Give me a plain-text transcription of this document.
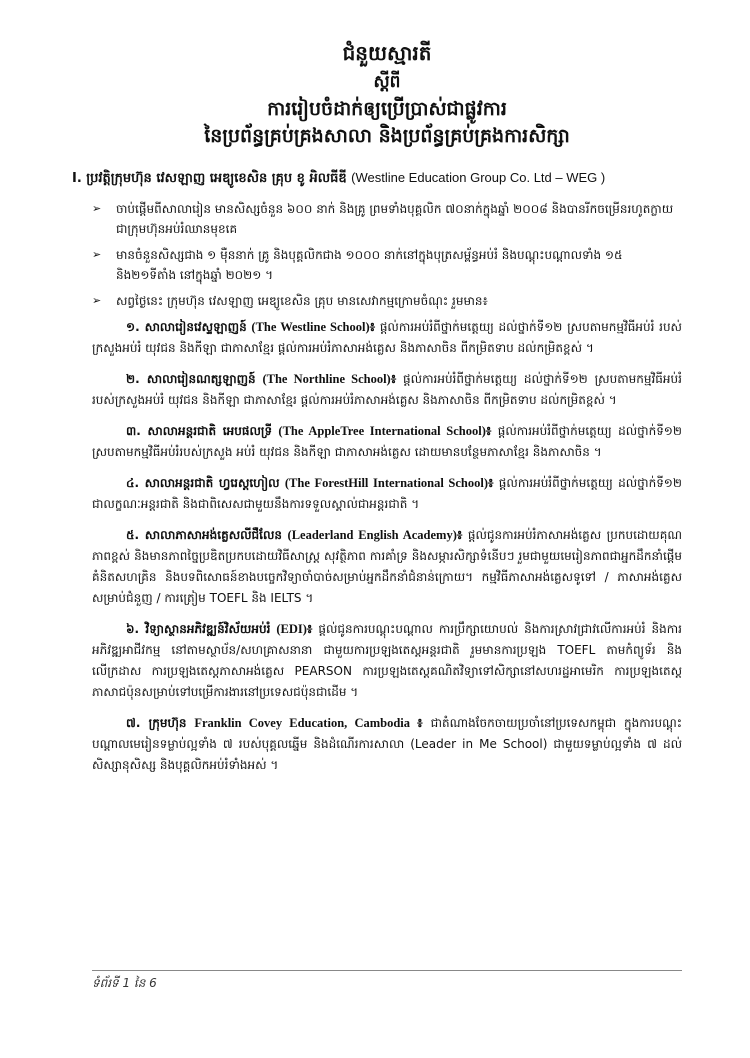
ជំនួយស្មារតី
ស្តីពី
ការរៀបចំដាក់ឲ្យប្រើប្រាស់ជាផ្លូវការ
នៃប្រព័ន្ធគ្រប់គ្រងសាលា និងប្រព័ន្ធគ្រប់គ្រងការសិក្សា
I. ប្រវត្តិក្រុមហ៊ុន វេសឡាញ អេឌ្យូខេសិន គ្រុប ខូ អិលធីឌី (Westline Education Group Co. Ltd – WEG )
➢ ចាប់ផ្តើមពីសាលារៀន មានសិស្សចំនួន ៦០០ នាក់ និងគ្រូ ព្រមទាំងបុគ្គលិក ៧០នាក់ក្នុងឆ្នាំ ២០០៨ និងបានរីកចម្រើនរហូតក្លាយជាក្រុមហ៊ុនអប់រំឈានមុខគេ
➢ មានចំនួនសិស្សជាង ១ ម៉ឺននាក់ គ្រូ និងបុគ្គលិកជាង ១០០០ នាក់នៅក្នុងបុត្រសម្ព័ន្ធអប់រំ និងបណ្តុះបណ្តាលទាំង ១៥ និង២១ទីតាំង នៅក្នុងឆ្នាំ ២០២១ ។
➢ សព្វថ្ងៃនេះ ក្រុមហ៊ុន វេសឡាញ អេឌ្យូខេសិន គ្រុប មានសេវាកម្មក្រោមចំណុះ រួមមាន៖

១. សាលារៀនវេស្ទឡាញន៍ (The Westline School)៖ ផ្តល់ការអប់រំពីថ្នាក់មត្តេយ្យ ដល់ថ្នាក់ទី១២ ស្របតាមកម្មវិធីអប់រំ របស់ក្រសួងអប់រំ យុវជន និងកីឡា ជាភាសាខ្មែរ ផ្តល់ការអប់រំភាសាអង់គ្លេស និងភាសាចិន ពីកម្រិតទាប ដល់កម្រិតខ្ពស់ ។

២. សាលារៀនណត្សឡាញន៍ (The Northline School)៖ ផ្តល់ការអប់រំពីថ្នាក់មត្តេយ្យ ដល់ថ្នាក់ទី១២ ស្របតាមកម្មវិធីអប់រំ របស់ក្រសួងអប់រំ យុវជន និងកីឡា ជាភាសាខ្មែរ ផ្តល់ការអប់រំភាសាអង់គ្លេស និងភាសាចិន ពីកម្រិតទាប ដល់កម្រិតខ្ពស់ ។

៣. សាលាអន្តរជាតិ អេបផលទ្រី (The AppleTree International School)៖ ផ្តល់ការអប់រំពីថ្នាក់មត្តេយ្យ ដល់ថ្នាក់ទី១២ ស្របតាមកម្មវិធីអប់រំរបស់ក្រសួង អប់រំ យុវជន និងកីឡា ជាភាសាអង់គ្លេស ដោយមានបន្ថែមភាសាខ្មែរ និងភាសាចិន ។

៤. សាលាអន្តរជាតិ ហ្វរេស្តហៀល (The ForestHill International School)៖ ផ្តល់ការអប់រំពីថ្នាក់មត្តេយ្យ ដល់ថ្នាក់ទី១២ ជាលក្ខណៈអន្តរជាតិ និងជាពិសេសជាមួយនឹងការទទួលស្គាល់ជាអន្តរជាតិ ។

៥. សាលាភាសាអង់គ្លេសលីជឺលែន (Leaderland English Academy)៖ ផ្តល់ជូនការអប់រំភាសាអង់គ្លេស ប្រកបដោយគុណភាពខ្ពស់ និងមានភាពច្នៃប្រឌិតប្រកបដោយវិធីសាស្ត្រ សុវត្ថិភាព ការគាំទ្រ និងសម្ភារសិក្សាទំនើបៗ រួមជាមួយមេរៀនភាពជាអ្នកដឹកនាំផ្តើម គំនិតសហគ្រិន និងបទពិសោធន៍ខាងបច្ចេកវិទ្យាចាំបាច់សម្រាប់អ្នកដឹកនាំជំនាន់ក្រោយ។ កម្មវិធីភាសាអង់គ្លេសទូទៅ / ភាសាអង់គ្លេសសម្រាប់ជំនួញ / ការត្រៀម TOEFL និង IELTS ។

៦. វិទ្យាស្ថានអភិវឌ្ឍន៍វិស័យអប់រំ (EDI)៖ ផ្តល់ជូនការបណ្តុះបណ្តាល ការប្រឹក្សាយោបល់ និងការស្រាវជ្រាវលើការអប់រំ និងការអភិវឌ្ឍអាជីវកម្ម នៅតាមស្ថាប័ន/សហគ្រាសនានា ជាមួយការប្រឡងតេស្តអន្តរជាតិ រួមមានការប្រឡង TOEFL តាមកំព្យូទ័រ និងលើក្រដាស ការប្រឡងតេស្តភាសាអង់គ្លេស PEARSON ការប្រឡងតេស្តគណិតវិទ្យាទៅសិក្សានៅសហរដ្ឋអាមេរិក ការប្រឡងតេស្តភាសាជប៉ុនសម្រាប់ទៅបម្រើការងារនៅប្រទេសជប៉ុនជាដើម ។

៧. ក្រុមហ៊ុន Franklin Covey Education, Cambodia ៖ ជាតំណាងចែកចាយប្រចាំនៅប្រទេសកម្ពុជា ក្នុងការបណ្តុះបណ្តាលមេរៀនទម្លាប់ល្អទាំង ៧ របស់បុគ្គលឆ្នើម និងដំណើរការសាលា (Leader in Me School) ជាមួយទម្លាប់ល្អទាំង ៧ ដល់សិស្សានុសិស្ស និងបុគ្គលិកអប់រំទាំងអស់ ។

ទំព័រទី 1 នៃ 6
